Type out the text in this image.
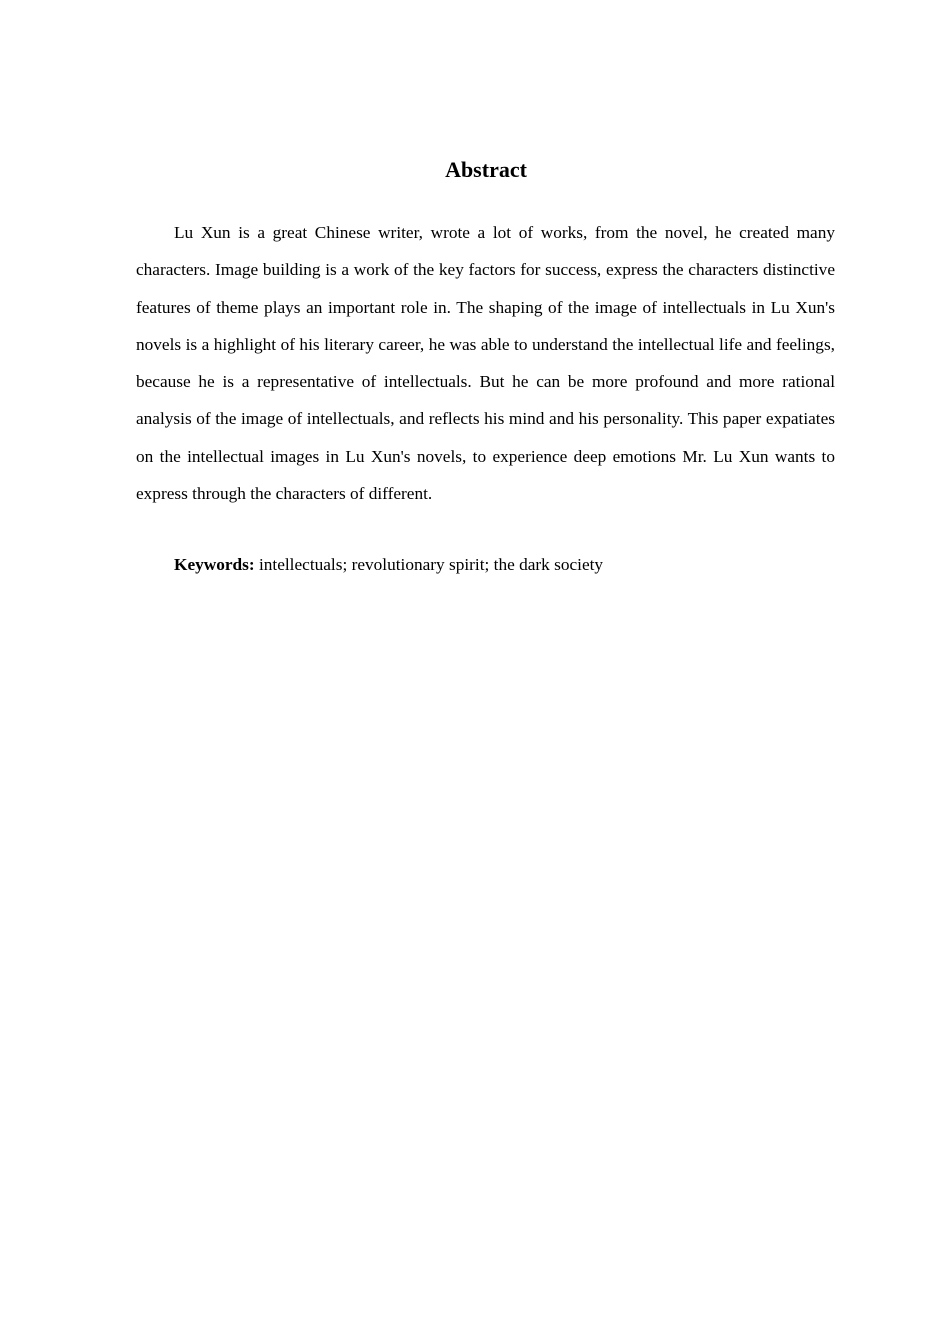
Abstract

Lu Xun is a great Chinese writer, wrote a lot of works, from the novel, he created many characters. Image building is a work of the key factors for success, express the characters distinctive features of theme plays an important role in. The shaping of the image of intellectuals in Lu Xun's novels is a highlight of his literary career, he was able to understand the intellectual life and feelings, because he is a representative of intellectuals. But he can be more profound and more rational analysis of the image of intellectuals, and reflects his mind and his personality. This paper expatiates on the intellectual images in Lu Xun's novels, to experience deep emotions Mr. Lu Xun wants to express through the characters of different.

Keywords: intellectuals; revolutionary spirit; the dark society
